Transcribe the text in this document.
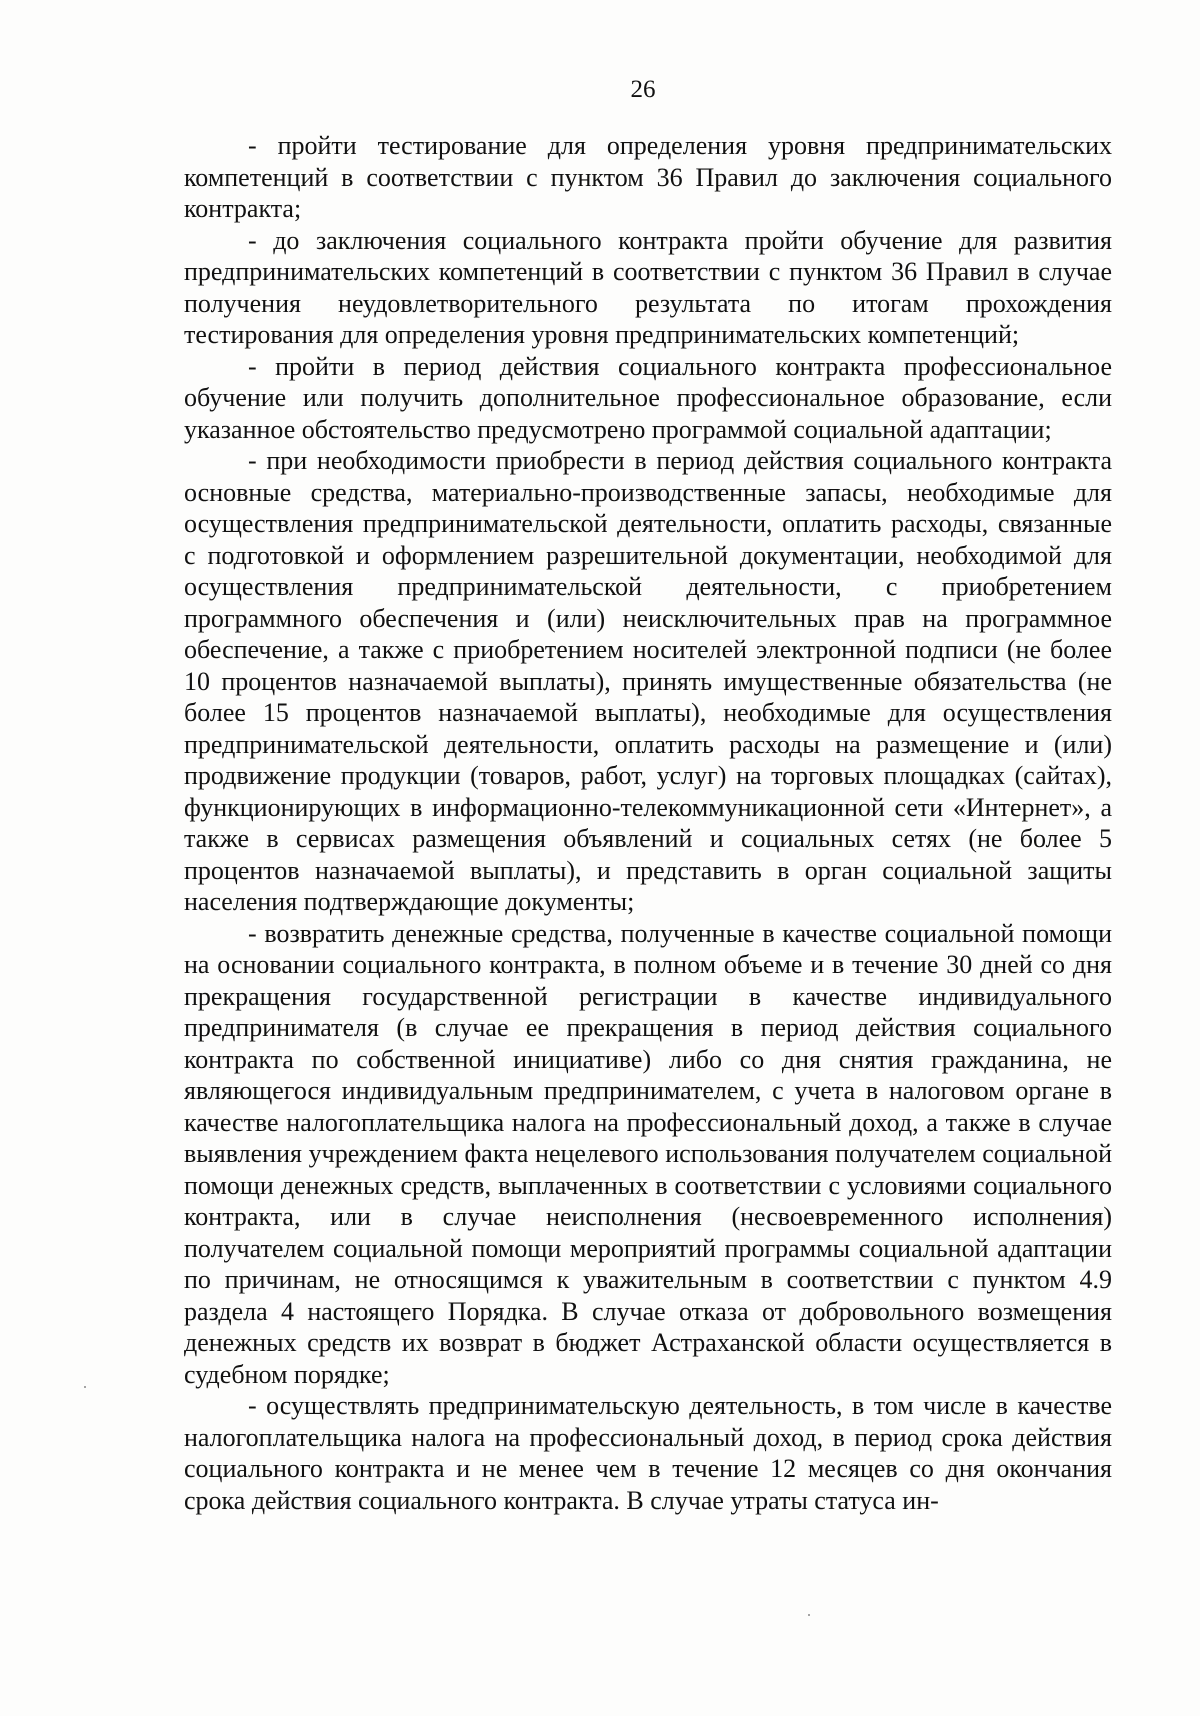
26

- пройти тестирование для определения уровня предпринимательских компетенций в соответствии с пунктом 36 Правил до заключения социального контракта;

- до заключения социального контракта пройти обучение для развития предпринимательских компетенций в соответствии с пунктом 36 Правил в случае получения неудовлетворительного результата по итогам прохождения тестирования для определения уровня предпринимательских компетенций;

- пройти в период действия социального контракта профессиональное обучение или получить дополнительное профессиональное образование, если указанное обстоятельство предусмотрено программой социальной адаптации;

- при необходимости приобрести в период действия социального контракта основные средства, материально-производственные запасы, необходимые для осуществления предпринимательской деятельности, оплатить расходы, связанные с подготовкой и оформлением разрешительной документации, необходимой для осуществления предпринимательской деятельности, с приобретением программного обеспечения и (или) неисключительных прав на программное обеспечение, а также с приобретением носителей электронной подписи (не более 10 процентов назначаемой выплаты), принять имущественные обязательства (не более 15 процентов назначаемой выплаты), необходимые для осуществления предпринимательской деятельности, оплатить расходы на размещение и (или) продвижение продукции (товаров, работ, услуг) на торговых площадках (сайтах), функционирующих в информационно-телекоммуникационной сети «Интернет», а также в сервисах размещения объявлений и социальных сетях (не более 5 процентов назначаемой выплаты), и представить в орган социальной защиты населения подтверждающие документы;

- возвратить денежные средства, полученные в качестве социальной помощи на основании социального контракта, в полном объеме и в течение 30 дней со дня прекращения государственной регистрации в качестве индивидуального предпринимателя (в случае ее прекращения в период действия социального контракта по собственной инициативе) либо со дня снятия гражданина, не являющегося индивидуальным предпринимателем, с учета в налоговом органе в качестве налогоплательщика налога на профессиональный доход, а также в случае выявления учреждением факта нецелевого использования получателем социальной помощи денежных средств, выплаченных в соответствии с условиями социального контракта, или в случае неисполнения (несвоевременного исполнения) получателем социальной помощи мероприятий программы социальной адаптации по причинам, не относящимся к уважительным в соответствии с пунктом 4.9 раздела 4 настоящего Порядка. В случае отказа от добровольного возмещения денежных средств их возврат в бюджет Астраханской области осуществляется в судебном порядке;

- осуществлять предпринимательскую деятельность, в том числе в качестве налогоплательщика налога на профессиональный доход, в период срока действия социального контракта и не менее чем в течение 12 месяцев со дня окончания срока действия социального контракта. В случае утраты статуса ин-
